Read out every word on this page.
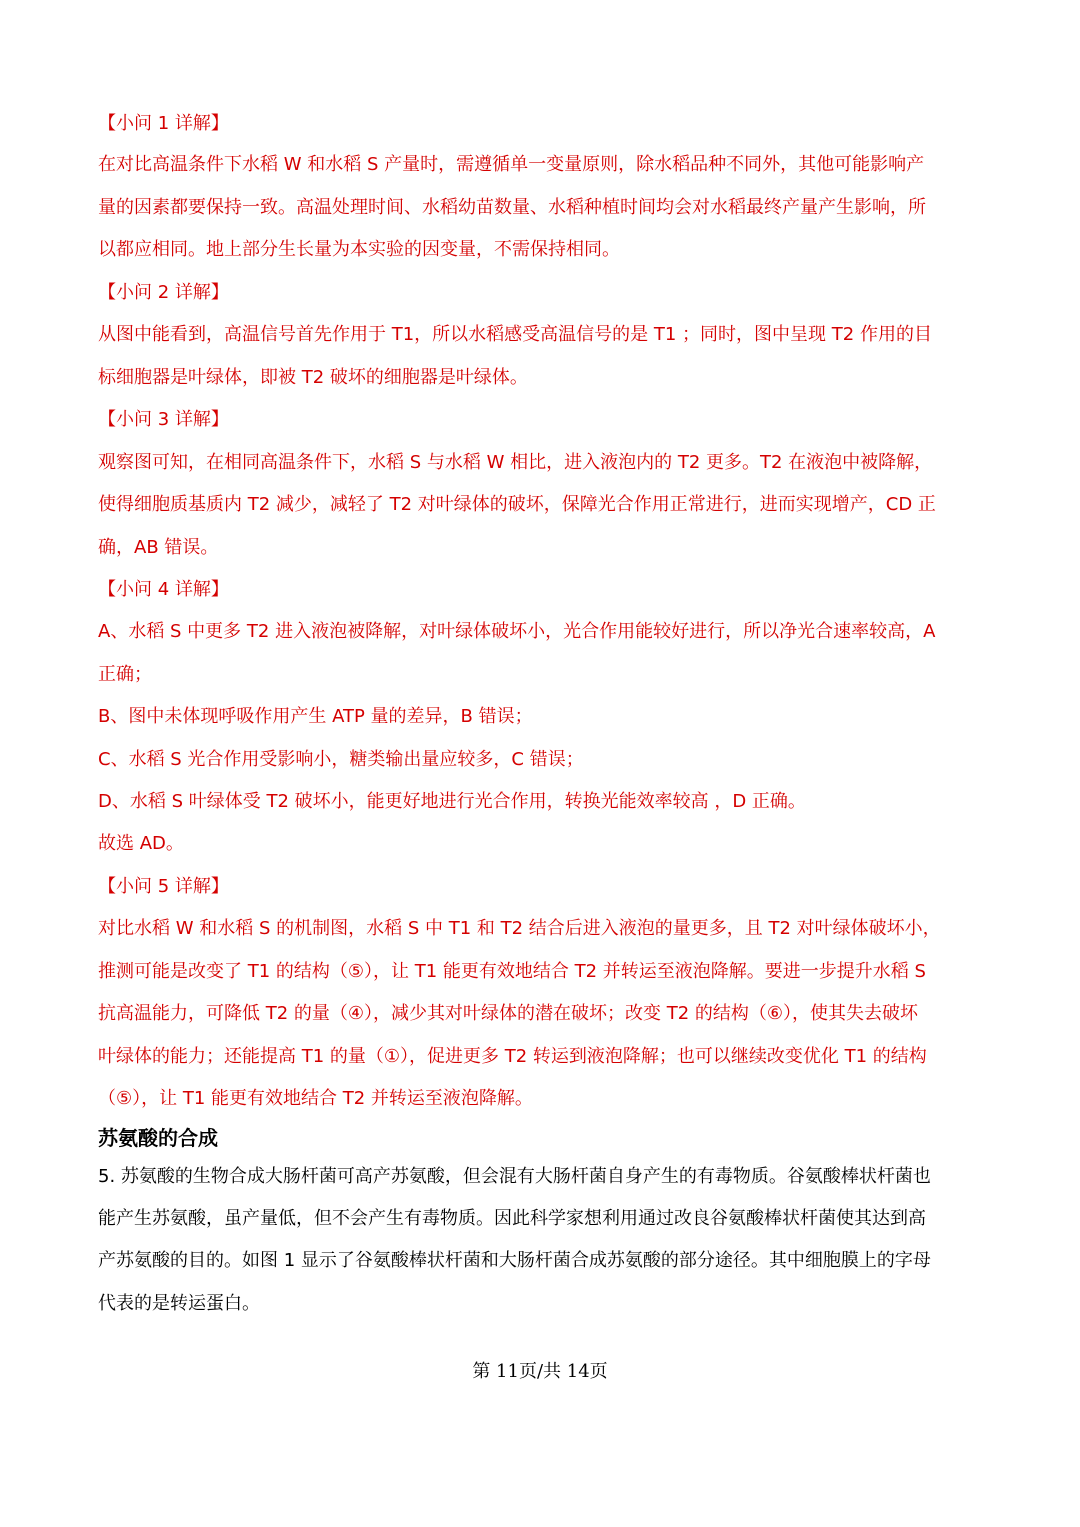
【小问 1 详解】
在对比高温条件下水稻 W 和水稻 S 产量时，需遵循单一变量原则，除水稻品种不同外，其他可能影响产
量的因素都要保持一致。高温处理时间、水稻幼苗数量、水稻种植时间均会对水稻最终产量产生影响，所
以都应相同。地上部分生长量为本实验的因变量，不需保持相同。
【小问 2 详解】
从图中能看到，高温信号首先作用于 T1，所以水稻感受高温信号的是 T1 ；同时，图中呈现 T2 作用的目
标细胞器是叶绿体，即被 T2 破坏的细胞器是叶绿体。
【小问 3 详解】
观察图可知，在相同高温条件下，水稻 S 与水稻 W 相比，进入液泡内的 T2 更多。T2 在液泡中被降解，
使得细胞质基质内 T2 减少，减轻了 T2 对叶绿体的破坏，保障光合作用正常进行，进而实现增产，CD 正
确，AB 错误。
【小问 4 详解】
A、水稻 S 中更多 T2 进入液泡被降解，对叶绿体破坏小，光合作用能较好进行，所以净光合速率较高，A
正确；
B、图中未体现呼吸作用产生 ATP 量的差异，B 错误；
C、水稻 S 光合作用受影响小，糖类输出量应较多，C 错误；
D、水稻 S 叶绿体受 T2 破坏小，能更好地进行光合作用，转换光能效率较高 ，D 正确。
故选 AD。
【小问 5 详解】
对比水稻 W 和水稻 S 的机制图，水稻 S 中 T1 和 T2 结合后进入液泡的量更多，且 T2 对叶绿体破坏小，
推测可能是改变了 T1 的结构（⑤），让 T1 能更有效地结合 T2 并转运至液泡降解。要进一步提升水稻 S
抗高温能力，可降低 T2 的量（④），减少其对叶绿体的潜在破坏；改变 T2 的结构（⑥），使其失去破坏
叶绿体的能力；还能提高 T1 的量（①），促进更多 T2 转运到液泡降解；也可以继续改变优化 T1 的结构
（⑤），让 T1 能更有效地结合 T2 并转运至液泡降解。
苏氨酸的合成
5. 苏氨酸的生物合成大肠杆菌可高产苏氨酸，但会混有大肠杆菌自身产生的有毒物质。谷氨酸棒状杆菌也
能产生苏氨酸，虽产量低，但不会产生有毒物质。因此科学家想利用通过改良谷氨酸棒状杆菌使其达到高
产苏氨酸的目的。如图 1 显示了谷氨酸棒状杆菌和大肠杆菌合成苏氨酸的部分途径。其中细胞膜上的字母
代表的是转运蛋白。
第 11页/共 14页
